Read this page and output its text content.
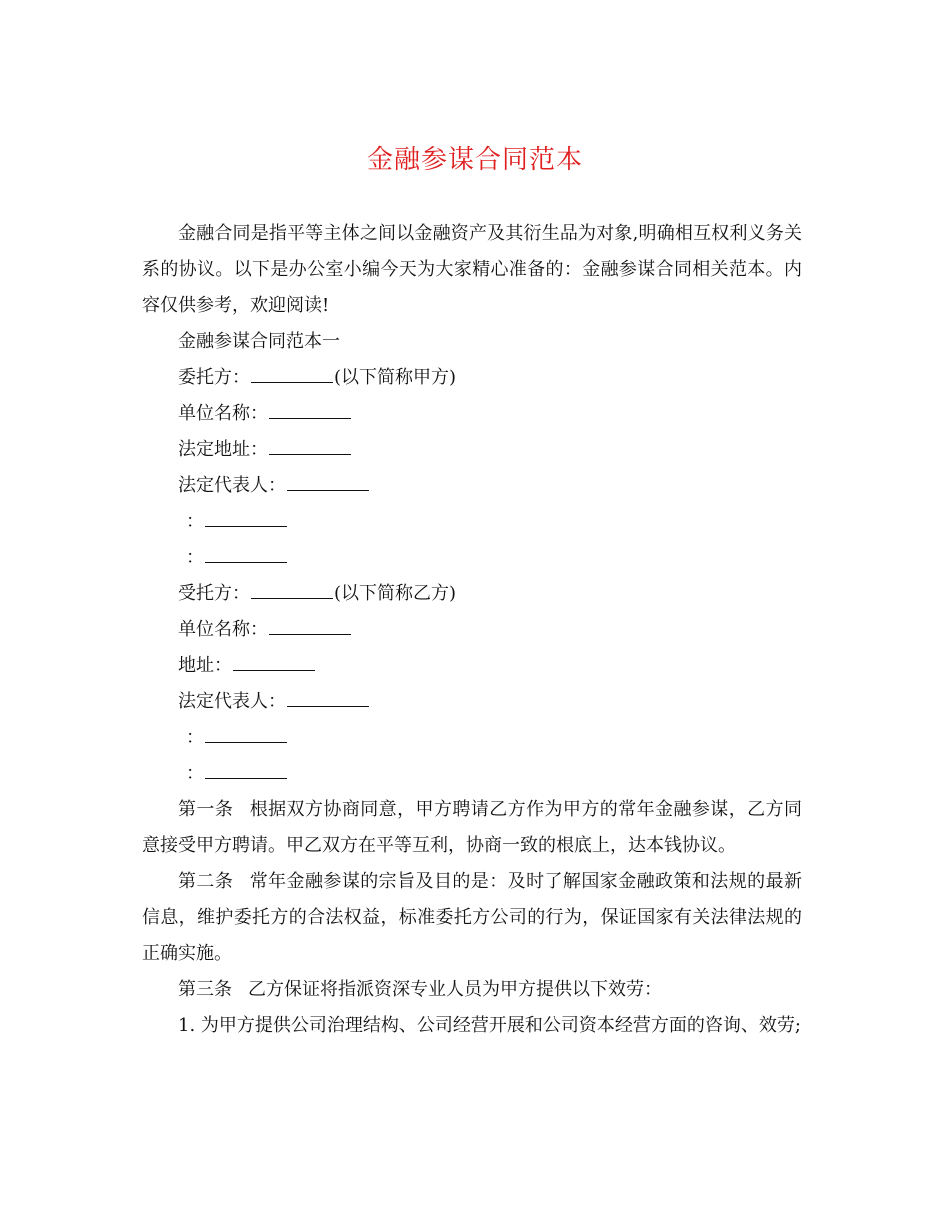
金融参谋合同范本

金融合同是指平等主体之间以金融资产及其衍生品为对象,明确相互权利义务关系的协议。以下是办公室小编今天为大家精心准备的：金融参谋合同相关范本。内容仅供参考，欢迎阅读!

金融参谋合同范本一

委托方：	(以下简称甲方)

单位名称：

法定地址：

法定代表人：

：

：

受托方：	(以下简称乙方)

单位名称：

地址：

法定代表人：

：

：

第一条 根据双方协商同意，甲方聘请乙方作为甲方的常年金融参谋，乙方同意接受甲方聘请。甲乙双方在平等互利，协商一致的根底上，达本钱协议。

第二条 常年金融参谋的宗旨及目的是：及时了解国家金融政策和法规的最新信息，维护委托方的合法权益，标准委托方公司的行为，保证国家有关法律法规的正确实施。

第三条 乙方保证将指派资深专业人员为甲方提供以下效劳：

1. 为甲方提供公司治理结构、公司经营开展和公司资本经营方面的咨询、效劳;
